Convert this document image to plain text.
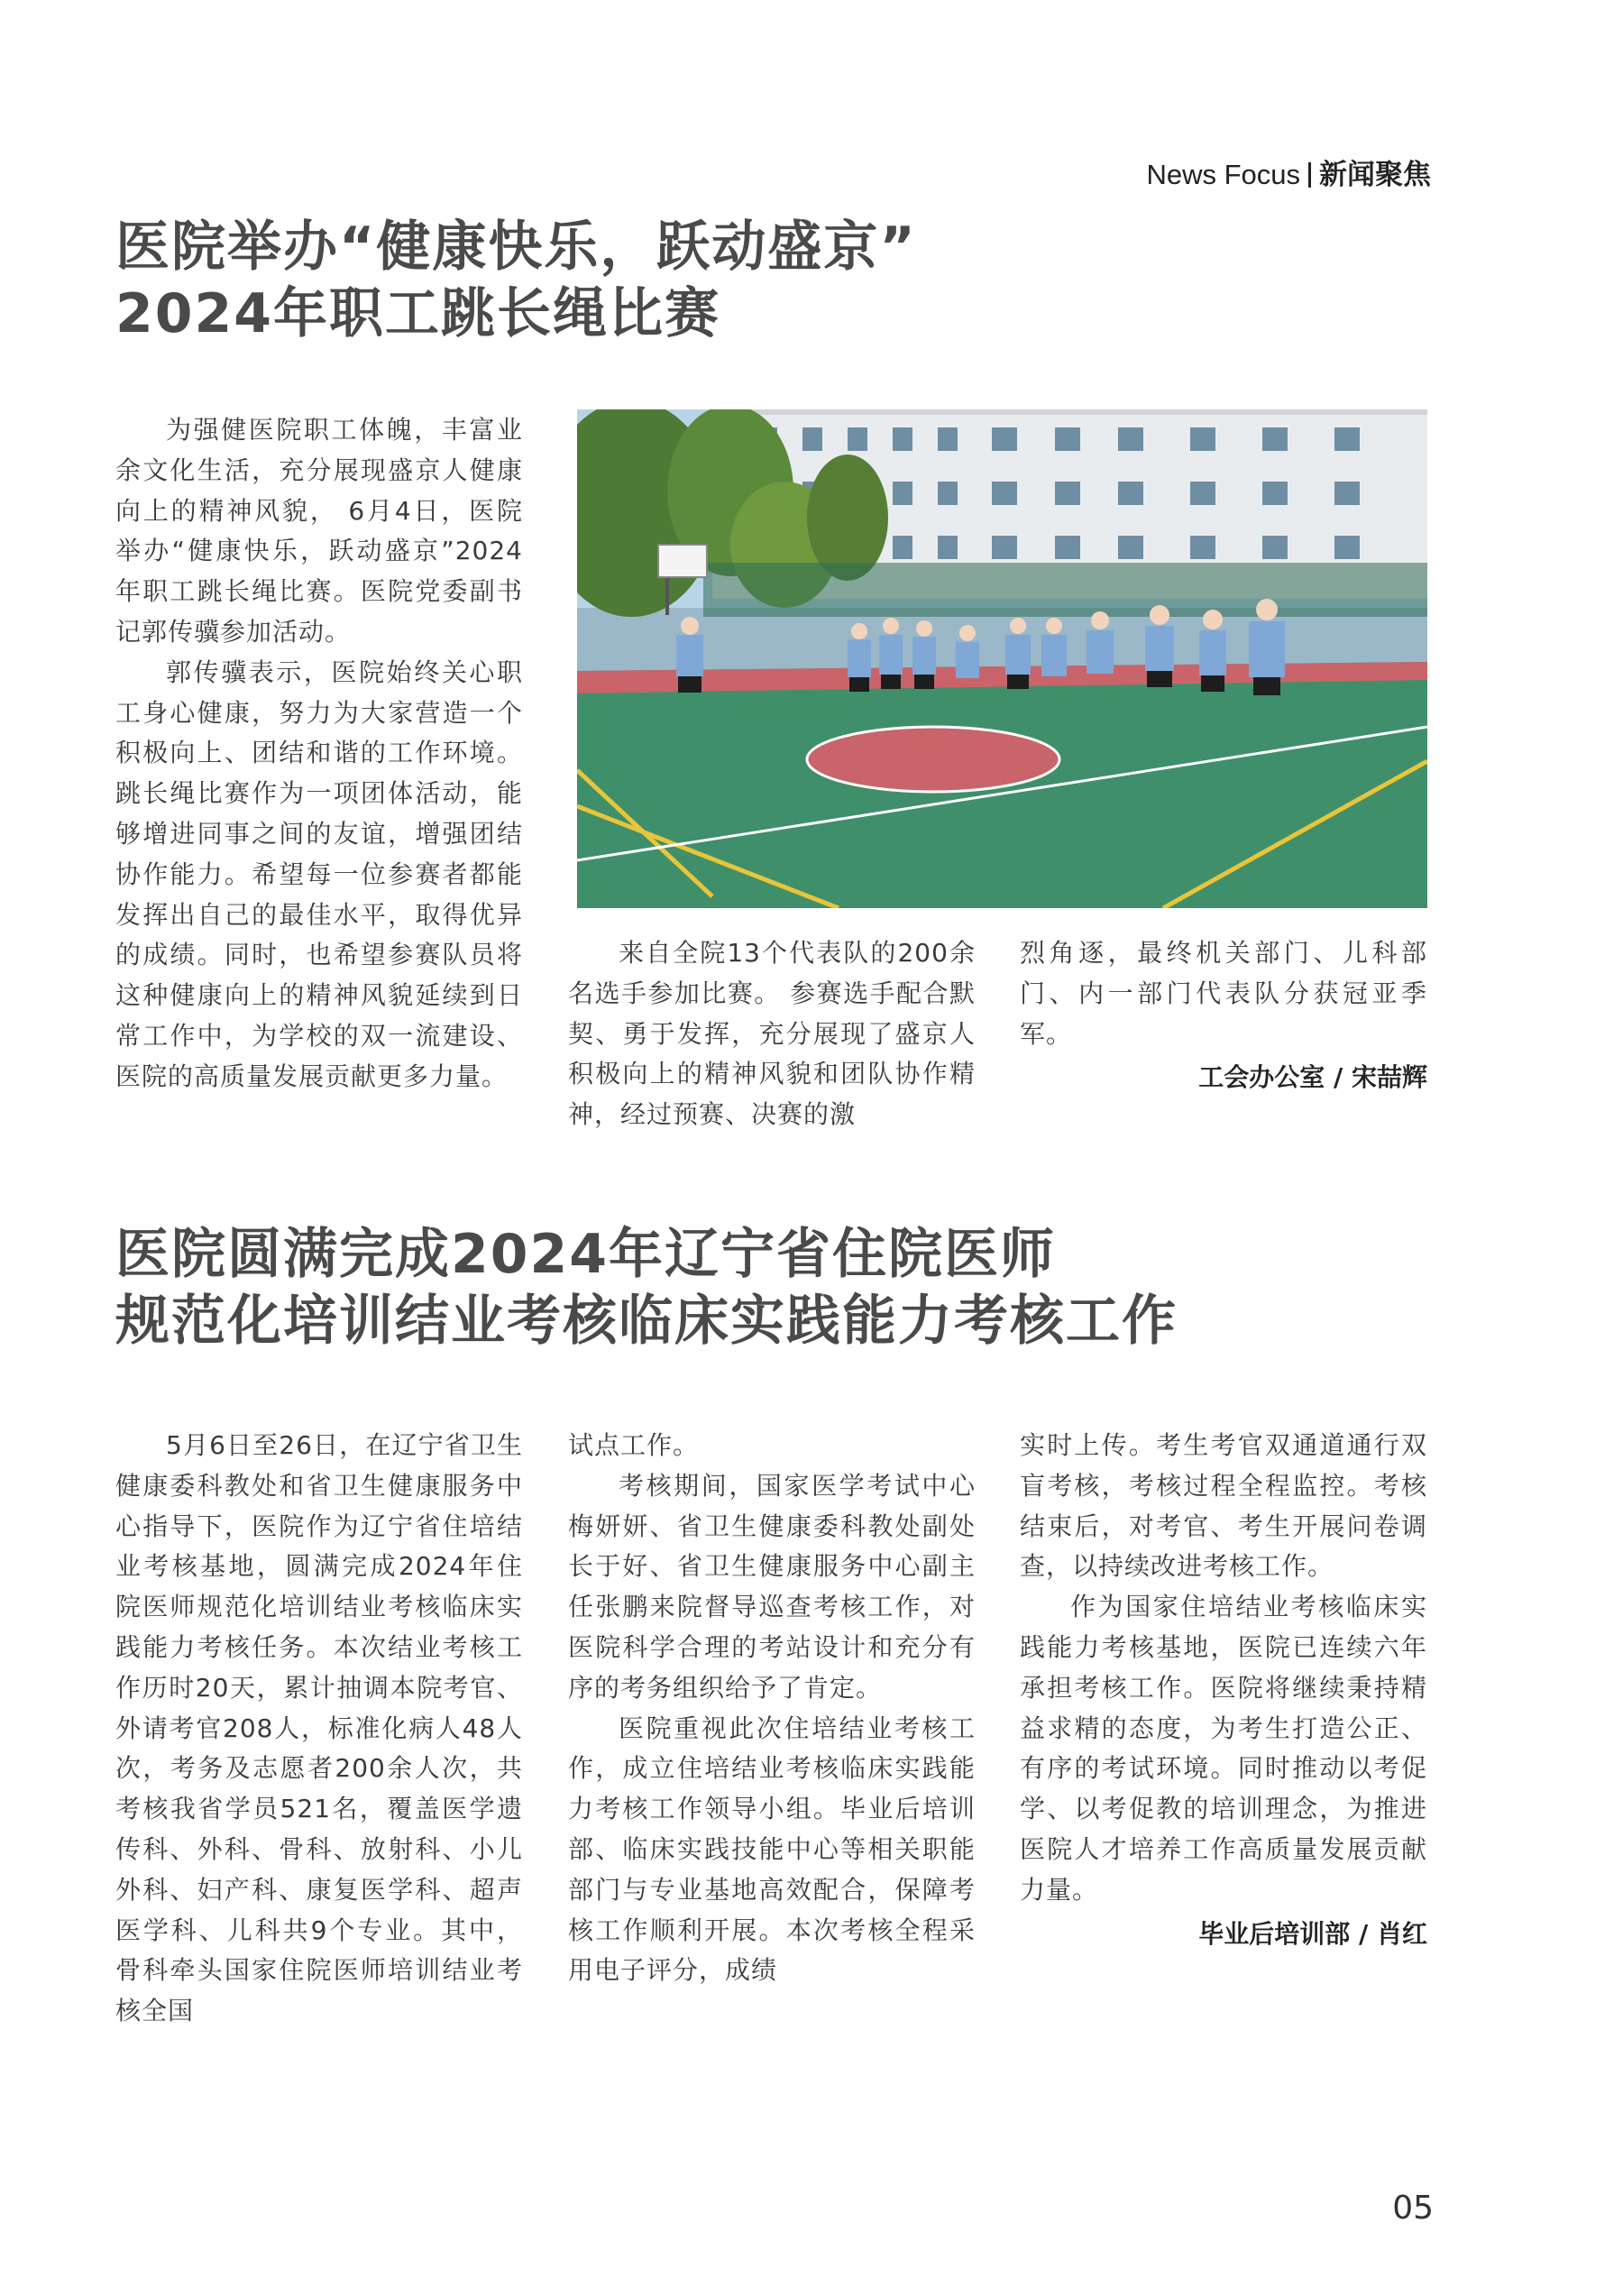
News Focus 新闻聚焦
医院举办“健康快乐，跃动盛京”
2024年职工跳长绳比赛

为强健医院职工体魄，丰富业余文化生活，充分展现盛京人健康向上的精神风貌， 6月4日，医院举办“健康快乐，跃动盛京”2024年职工跳长绳比赛。医院党委副书记郭传骥参加活动。

郭传骥表示，医院始终关心职工身心健康，努力为大家营造一个积极向上、团结和谐的工作环境。跳长绳比赛作为一项团体活动，能够增进同事之间的友谊，增强团结协作能力。希望每一位参赛者都能发挥出自己的最佳水平，取得优异的成绩。同时，也希望参赛队员将这种健康向上的精神风貌延续到日常工作中，为学校的双一流建设、医院的高质量发展贡献更多力量。

来自全院13个代表队的200余名选手参加比赛。 参赛选手配合默契、勇于发挥，充分展现了盛京人积极向上的精神风貌和团队协作精神，经过预赛、决赛的激

烈角逐，最终机关部门、儿科部门、内一部门代表队分获冠亚季军。

工会办公室 / 宋喆辉

医院圆满完成2024年辽宁省住院医师
规范化培训结业考核临床实践能力考核工作

5月6日至26日，在辽宁省卫生健康委科教处和省卫生健康服务中心指导下，医院作为辽宁省住培结业考核基地，圆满完成2024年住院医师规范化培训结业考核临床实践能力考核任务。本次结业考核工作历时20天，累计抽调本院考官、外请考官208人，标准化病人48人次，考务及志愿者200余人次，共考核我省学员521名，覆盖医学遗传科、外科、骨科、放射科、小儿外科、妇产科、康复医学科、超声医学科、儿科共9个专业。其中，骨科牵头国家住院医师培训结业考核全国

试点工作。

考核期间，国家医学考试中心梅妍妍、省卫生健康委科教处副处长于好、省卫生健康服务中心副主任张鹏来院督导巡查考核工作，对医院科学合理的考站设计和充分有序的考务组织给予了肯定。

医院重视此次住培结业考核工作，成立住培结业考核临床实践能力考核工作领导小组。毕业后培训部、临床实践技能中心等相关职能部门与专业基地高效配合，保障考核工作顺利开展。本次考核全程采用电子评分，成绩

实时上传。考生考官双通道通行双盲考核，考核过程全程监控。考核结束后，对考官、考生开展问卷调查，以持续改进考核工作。

作为国家住培结业考核临床实践能力考核基地，医院已连续六年承担考核工作。医院将继续秉持精益求精的态度，为考生打造公正、有序的考试环境。同时推动以考促学、以考促教的培训理念，为推进医院人才培养工作高质量发展贡献力量。

毕业后培训部 / 肖红

05
